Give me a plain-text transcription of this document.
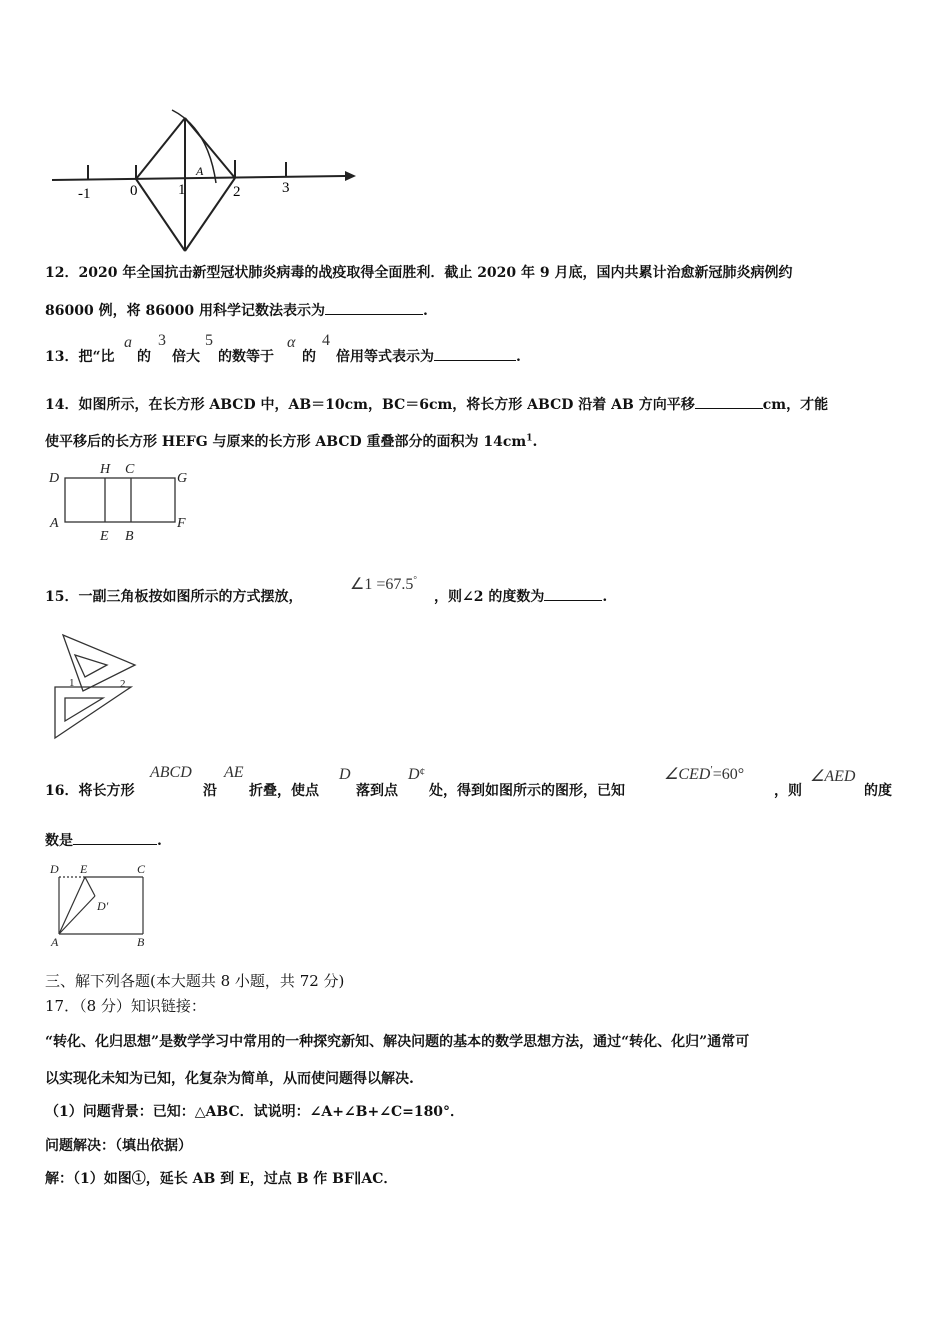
-1	0	1	2	3
A
12．2020 年全国抗击新型冠状肺炎病毒的战疫取得全面胜利．截止 2020 年 9 月底，国内共累计治愈新冠肺炎病例约
86000 例，将 86000 用科学记数法表示为	.
13．把“比
a
的
3
倍大
5
的数等于
α
的
4
倍用等式表示为	.
14．如图所示，在长方形 ABCD 中，AB＝10cm，BC＝6cm，将长方形 ABCD 沿着 AB 方向平移	cm，才能
使平移后的长方形 HEFG 与原来的长方形 ABCD 重叠部分的面积为 $14cm^1$.
D
H C
G
A
E B
F
15．一副三角板按如图所示的方式摆放，
∠1 =67.5°
，则∠2 的度数为	.
1	2
16．将长方形
ABCD
沿
AE
折叠，使点
D
落到点
D¢
处，得到如图所示的图形，已知
∠CED′=60°
，则
∠AED
的度
数是	.
D E	C
D′
A	B
三、解下列各题(本大题共 8 小题，共 72 分)
17．（8 分）知识链接：
“转化、化归思想”是数学学习中常用的一种探究新知、解决问题的基本的数学思想方法，通过“转化、化归”通常可
以实现化未知为已知，化复杂为简单，从而使问题得以解决.
（1）问题背景：已知：△ABC．试说明：∠A+∠B+∠C=180°．
问题解决：（填出依据）
解：（1）如图①，延长 AB 到 E，过点 B 作 BF∥AC．
